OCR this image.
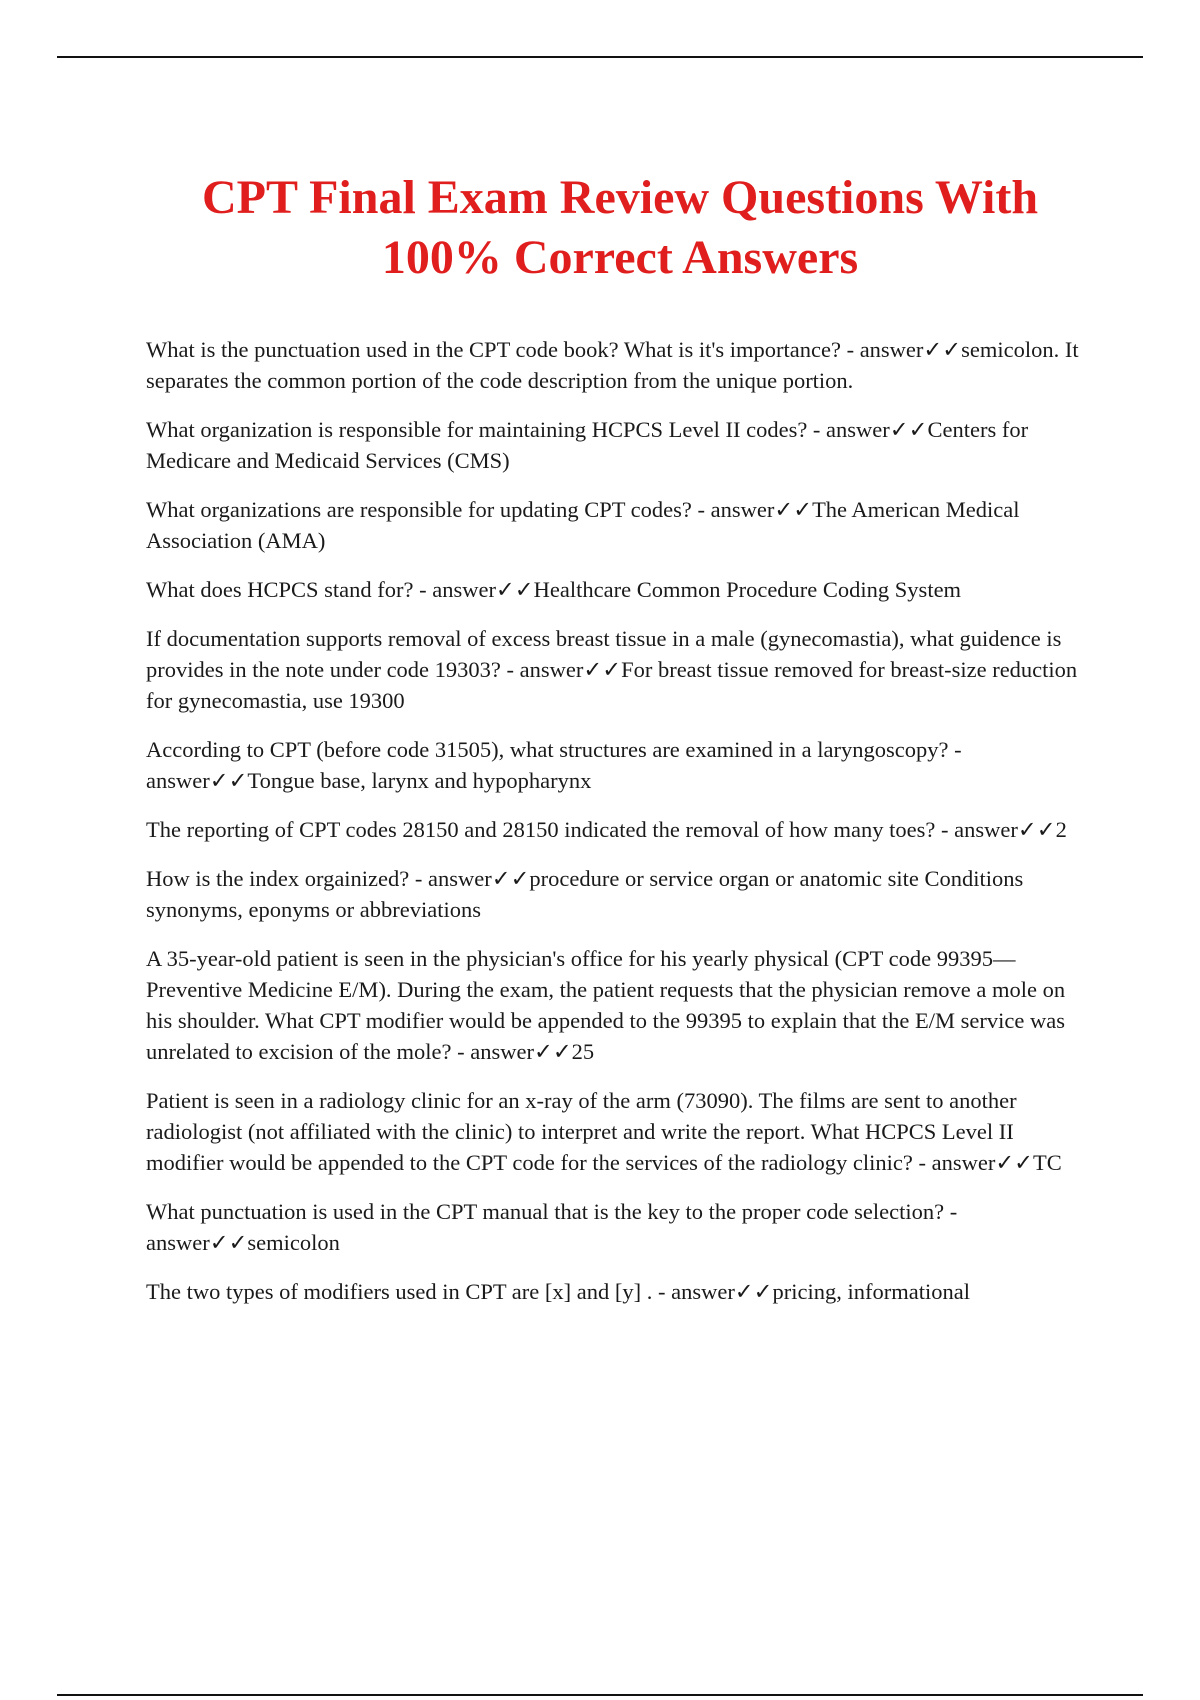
CPT Final Exam Review Questions With 100% Correct Answers

What is the punctuation used in the CPT code book? What is it's importance? - answer✓✓semicolon. It separates the common portion of the code description from the unique portion.

What organization is responsible for maintaining HCPCS Level II codes? - answer✓✓Centers for Medicare and Medicaid Services (CMS)

What organizations are responsible for updating CPT codes? - answer✓✓The American Medical Association (AMA)

What does HCPCS stand for? - answer✓✓Healthcare Common Procedure Coding System

If documentation supports removal of excess breast tissue in a male (gynecomastia), what guidence is provides in the note under code 19303? - answer✓✓For breast tissue removed for breast-size reduction for gynecomastia, use 19300

According to CPT (before code 31505), what structures are examined in a laryngoscopy? - answer✓✓Tongue base, larynx and hypopharynx

The reporting of CPT codes 28150 and 28150 indicated the removal of how many toes? - answer✓✓2

How is the index orgainized? - answer✓✓procedure or service organ or anatomic site Conditions synonyms, eponyms or abbreviations

A 35-year-old patient is seen in the physician's office for his yearly physical (CPT code 99395—Preventive Medicine E/M). During the exam, the patient requests that the physician remove a mole on his shoulder. What CPT modifier would be appended to the 99395 to explain that the E/M service was unrelated to excision of the mole? - answer✓✓25

Patient is seen in a radiology clinic for an x-ray of the arm (73090). The films are sent to another radiologist (not affiliated with the clinic) to interpret and write the report. What HCPCS Level II modifier would be appended to the CPT code for the services of the radiology clinic? - answer✓✓TC

What punctuation is used in the CPT manual that is the key to the proper code selection? - answer✓✓semicolon

The two types of modifiers used in CPT are [x] and [y] . - answer✓✓pricing, informational
